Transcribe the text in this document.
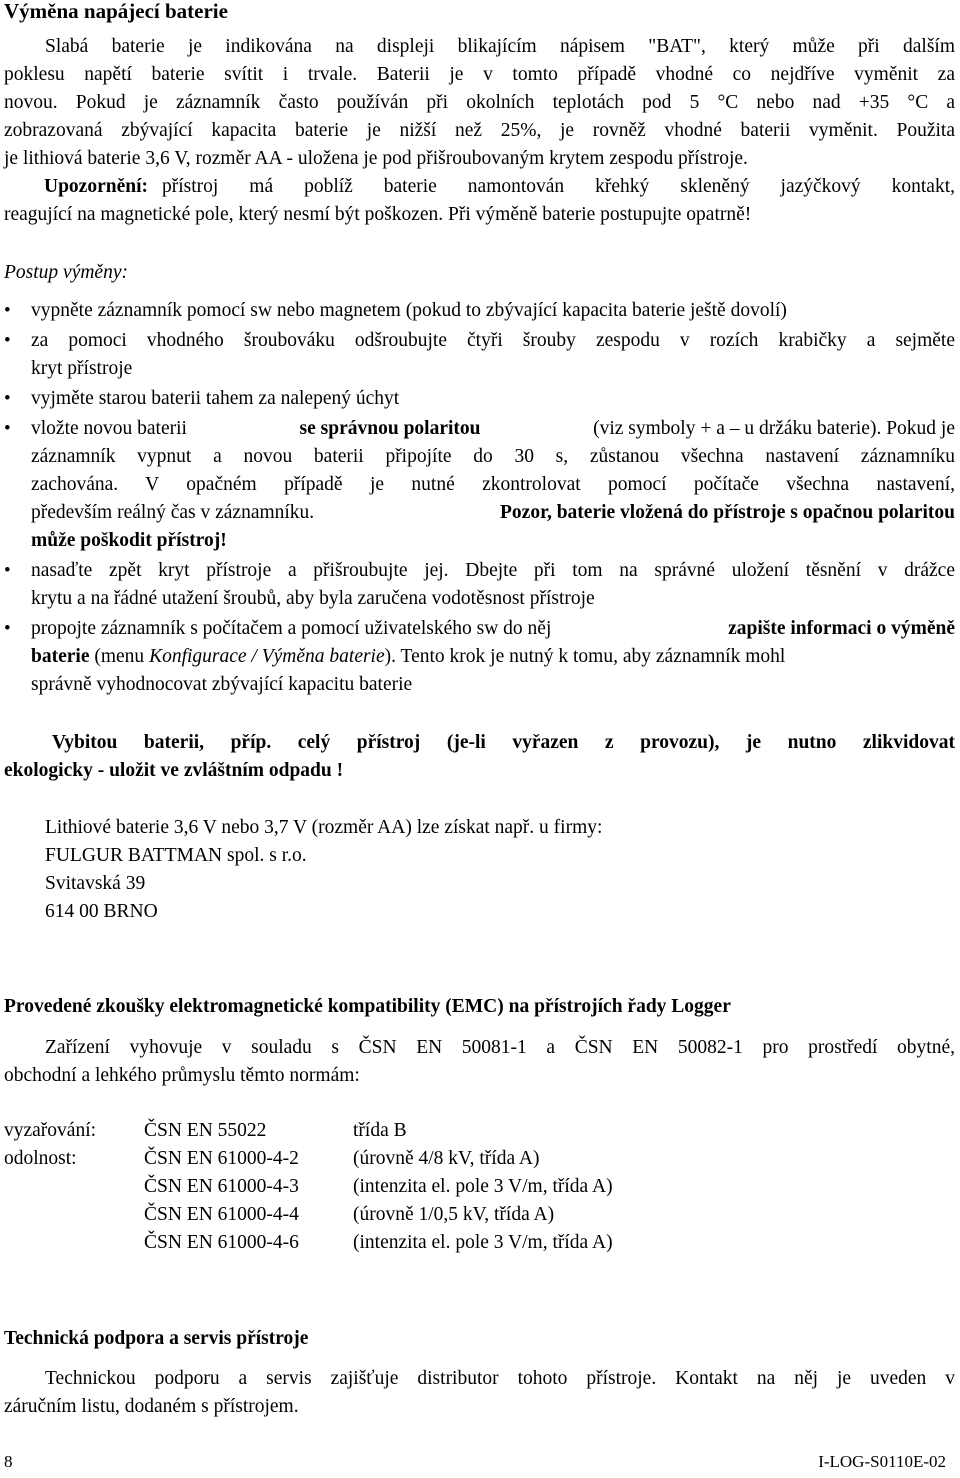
Výměna napájecí baterie
Slabá baterie je indikována na displeji blikajícím nápisem "BAT", který může při dalším
poklesu napětí baterie svítit i trvale. Baterii je v tomto případě vhodné co nejdříve vyměnit za
novou. Pokud je záznamník často používán při okolních teplotách pod 5 °C nebo nad +35 °C a
zobrazovaná zbývající kapacita baterie je nižší než 25%, je rovněž vhodné baterii vyměnit. Použita
je lithiová baterie 3,6 V, rozměr AA - uložena je pod přišroubovaným krytem zespodu přístroje.
Upozornění: přístroj má poblíž baterie namontován křehký skleněný jazýčkový kontakt,
reagující na magnetické pole, který nesmí být poškozen. Při výměně baterie postupujte opatrně!
Postup výměny:
• vypněte záznamník pomocí sw nebo magnetem (pokud to zbývající kapacita baterie ještě dovolí)
• za pomoci vhodného šroubováku odšroubujte čtyři šrouby zespodu v rozích krabičky a sejměte
kryt přístroje
• vyjměte starou baterii tahem za nalepený úchyt
• vložte novou baterii	se správnou polaritou	(viz symboly + a – u držáku baterie). Pokud je
záznamník vypnut a novou baterii připojíte do 30 s, zůstanou všechna nastavení záznamníku
zachována. V opačném případě je nutné zkontrolovat pomocí počítače všechna nastavení,
především reálný čas v záznamníku.	Pozor, baterie vložená do přístroje s opačnou polaritou
může poškodit přístroj!
• nasaďte zpět kryt přístroje a přišroubujte jej. Dbejte při tom na správné uložení těsnění v drážce
krytu a na řádné utažení šroubů, aby byla zaručena vodotěsnost přístroje
• propojte záznamník s počítačem a pomocí uživatelského sw do něj	zapište informaci o výměně
baterie (menu Konfigurace / Výměna baterie). Tento krok je nutný k tomu, aby záznamník mohl
správně vyhodnocovat zbývající kapacitu baterie
Vybitou baterii, příp. celý přístroj (je-li vyřazen z provozu), je nutno zlikvidovat
ekologicky - uložit ve zvláštním odpadu !
Lithiové baterie 3,6 V nebo 3,7 V (rozměr AA) lze získat např. u firmy:
FULGUR BATTMAN spol. s r.o.
Svitavská 39
614 00 BRNO
Provedené zkoušky elektromagnetické kompatibility (EMC) na přístrojích řady Logger
Zařízení vyhovuje v souladu s ČSN EN 50081-1 a ČSN EN 50082-1 pro prostředí obytné,
obchodní a lehkého průmyslu těmto normám:
vyzařování: ČSN EN 55022	třída B
odolnost:	ČSN EN 61000-4-2	(úrovně 4/8 kV, třída A)
ČSN EN 61000-4-3	(intenzita el. pole 3 V/m, třída A)
ČSN EN 61000-4-4	(úrovně 1/0,5 kV, třída A)
ČSN EN 61000-4-6	(intenzita el. pole 3 V/m, třída A)
Technická podpora a servis přístroje
Technickou podporu a servis zajišťuje distributor tohoto přístroje. Kontakt na něj je uveden v
záručním listu, dodaném s přístrojem.
8	I-LOG-S0110E-02
